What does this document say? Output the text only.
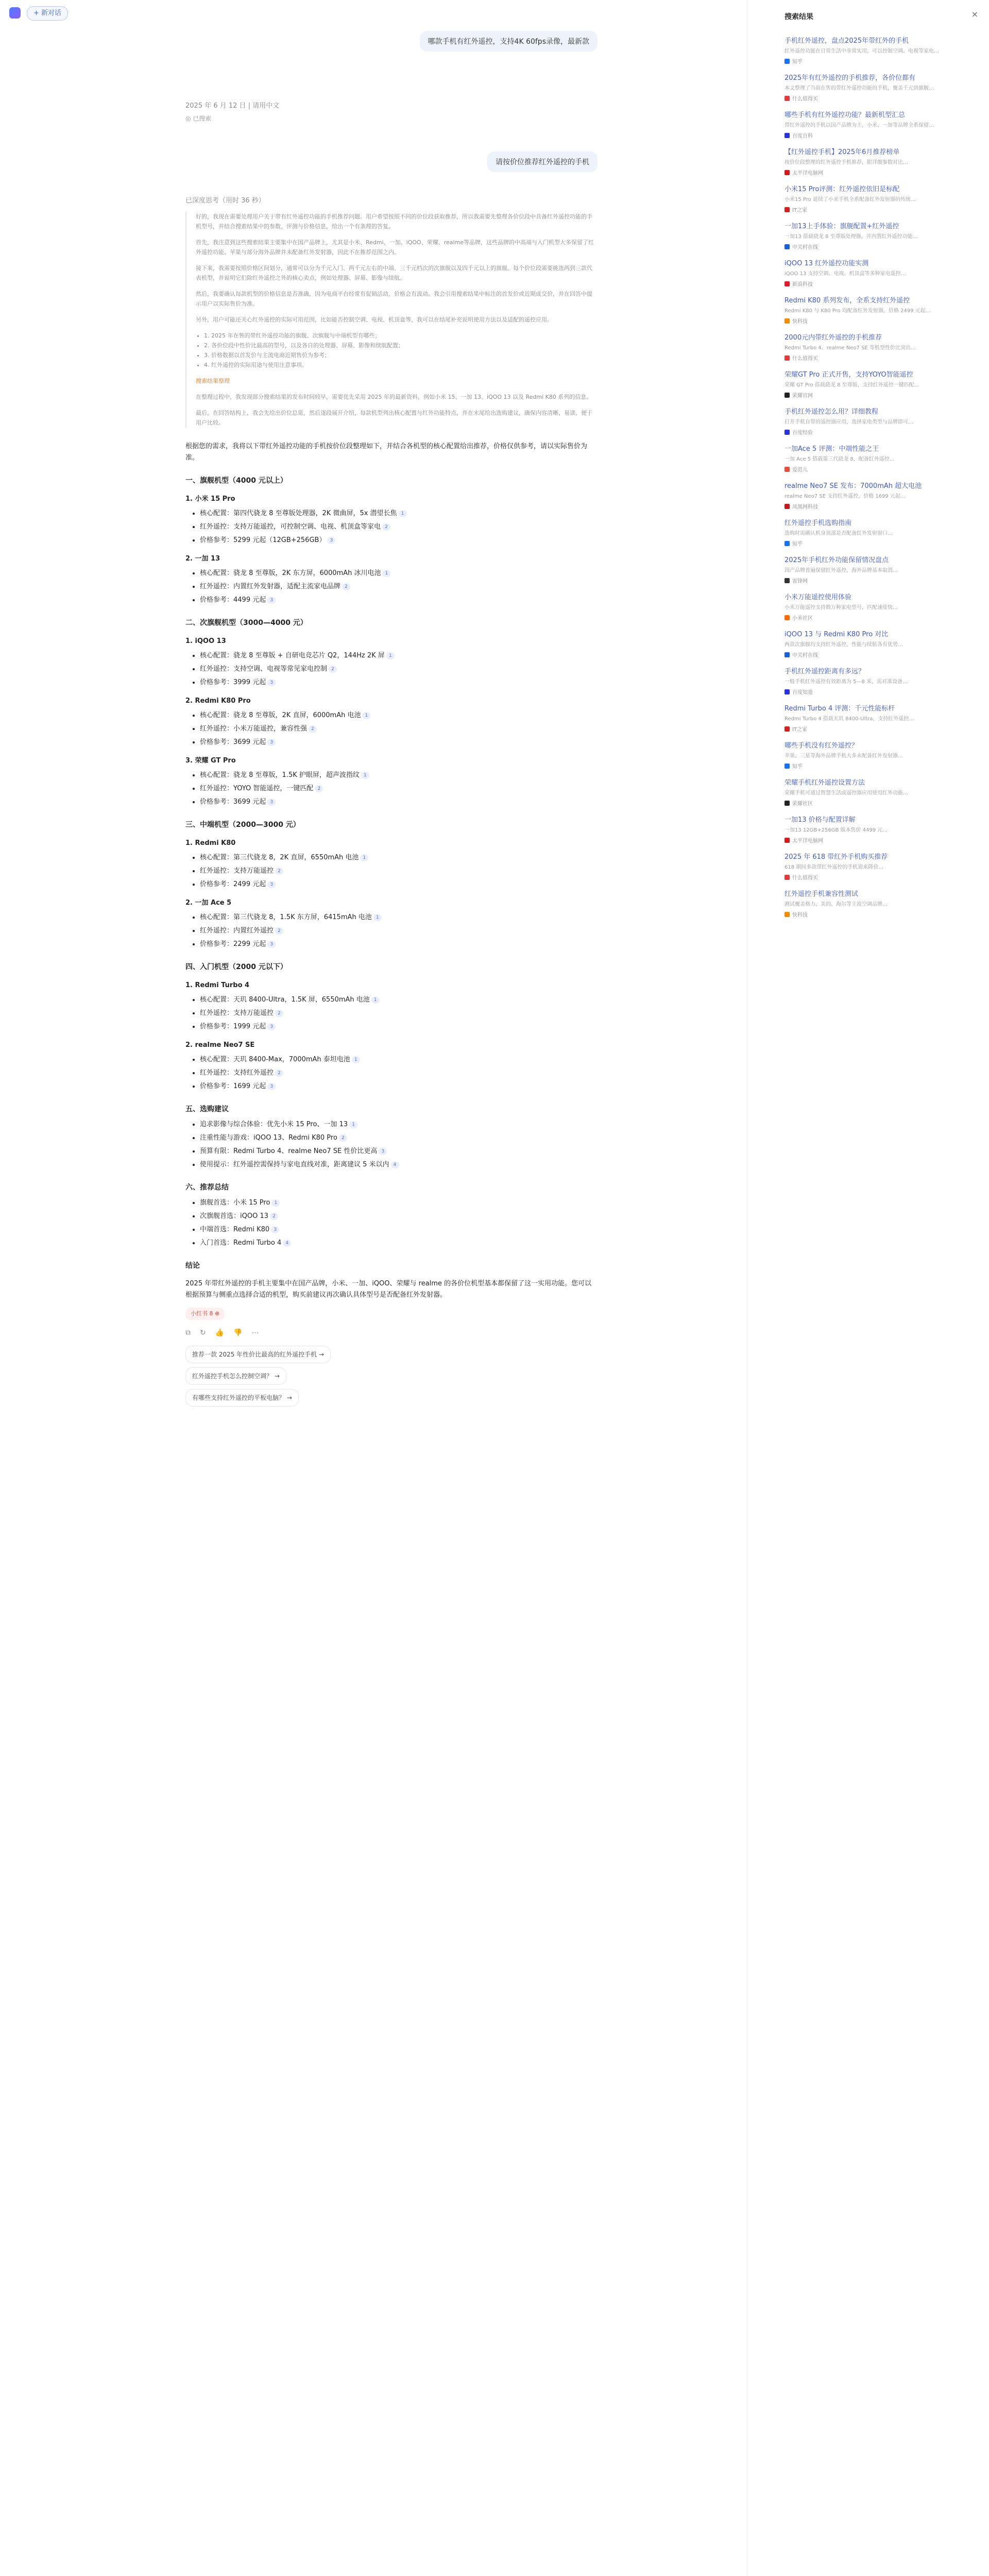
+ 新对话
哪款手机有红外遥控，支持4K 60fps录像，最新款
2025 年 6 月 12 日 | 请用中文
◎ 已搜索
请按价位推荐红外遥控的手机
已深度思考（用时 36 秒）

好的，我现在需要处理用户关于带有红外遥控功能的手机推荐问题。用户希望按照不同的价位段获取推荐，所以我需要先整理各价位段中具备红外遥控功能的手机型号，并结合搜索结果中的参数、评测与价格信息，给出一个有条理的答复。

首先，我注意到这些搜索结果主要集中在国产品牌上，尤其是小米、Redmi、一加、iQOO、荣耀、realme等品牌，这些品牌的中高端与入门机型大多保留了红外遥控功能。苹果与部分海外品牌并未配备红外发射器，因此不在推荐范围之内。

接下来，我需要按照价格区间划分，通常可以分为千元入门、两千元左右的中端、三千元档次的次旗舰以及四千元以上的旗舰。每个价位段需要挑选两到三款代表机型，并说明它们除红外遥控之外的核心卖点，例如处理器、屏幕、影像与续航。

然后，我要确认每款机型的价格信息是否准确，因为电商平台经常有促销活动，价格会有波动。我会引用搜索结果中标注的首发价或近期成交价，并在回答中提示用户以实际售价为准。

另外，用户可能还关心红外遥控的实际可用范围，比如能否控制空调、电视、机顶盒等，我可以在结尾补充说明使用方法以及适配的遥控应用。

• 1. 2025 年在售的带红外遥控功能的旗舰、次旗舰与中端机型有哪些；
• 2. 各价位段中性价比最高的型号，以及各自的处理器、屏幕、影像和续航配置；
• 3. 价格数据以首发价与主流电商近期售价为参考；
• 4. 红外遥控的实际用途与使用注意事项。

搜索结果整理

在整理过程中，我发现部分搜索结果的发布时间较早，需要优先采用 2025 年的最新资料，例如小米 15、一加 13、iQOO 13 以及 Redmi K80 系列的信息。

最后，在回答结构上，我会先给出价位总览，然后逐段展开介绍，每款机型列出核心配置与红外功能特点，并在末尾给出选购建议，确保内容清晰、易读、便于用户比较。

根据您的需求，我将以下带红外遥控功能的手机按价位段整理如下，并结合各机型的核心配置给出推荐，价格仅供参考，请以实际售价为准。

一、旗舰机型（4000 元以上）
1. 小米 15 Pro
• 核心配置：第四代骁龙 8 至尊版处理器，2K 微曲屏，5x 潜望长焦 1
• 红外遥控：支持万能遥控，可控制空调、电视、机顶盒等家电 2
• 价格参考：5299 元起（12GB+256GB） 3
2. 一加 13
• 核心配置：骁龙 8 至尊版，2K 东方屏，6000mAh 冰川电池 1
• 红外遥控：内置红外发射器，适配主流家电品牌 2
• 价格参考：4499 元起 3
二、次旗舰机型（3000—4000 元）
1. iQOO 13
• 核心配置：骁龙 8 至尊版 + 自研电竞芯片 Q2，144Hz 2K 屏 1
• 红外遥控：支持空调、电视等常见家电控制 2
• 价格参考：3999 元起 3
2. Redmi K80 Pro
• 核心配置：骁龙 8 至尊版，2K 直屏，6000mAh 电池 1
• 红外遥控：小米万能遥控，兼容性强 2
• 价格参考：3699 元起 3
3. 荣耀 GT Pro
• 核心配置：骁龙 8 至尊版，1.5K 护眼屏，超声波指纹 1
• 红外遥控：YOYO 智能遥控，一键匹配 2
• 价格参考：3699 元起 3
三、中端机型（2000—3000 元）
1. Redmi K80
• 核心配置：第三代骁龙 8，2K 直屏，6550mAh 电池 1
• 红外遥控：支持万能遥控 2
• 价格参考：2499 元起 3
2. 一加 Ace 5
• 核心配置：第三代骁龙 8，1.5K 东方屏，6415mAh 电池 1
• 红外遥控：内置红外遥控 2
• 价格参考：2299 元起 3
四、入门机型（2000 元以下）
1. Redmi Turbo 4
• 核心配置：天玑 8400-Ultra，1.5K 屏，6550mAh 电池 1
• 红外遥控：支持万能遥控 2
• 价格参考：1999 元起 3
2. realme Neo7 SE
• 核心配置：天玑 8400-Max，7000mAh 泰坦电池 1
• 红外遥控：支持红外遥控 2
• 价格参考：1699 元起 3
五、选购建议
• 追求影像与综合体验：优先小米 15 Pro、一加 13 1
• 注重性能与游戏：iQOO 13、Redmi K80 Pro 2
• 预算有限：Redmi Turbo 4、realme Neo7 SE 性价比更高 3
• 使用提示：红外遥控需保持与家电直线对准，距离建议 5 米以内 4
六、推荐总结
• 旗舰首选：小米 15 Pro 1
• 次旗舰首选：iQOO 13 2
• 中端首选：Redmi K80 3
• 入门首选：Redmi Turbo 4 4
结论

2025 年带红外遥控的手机主要集中在国产品牌，小米、一加、iQOO、荣耀与 realme 的各价位机型基本都保留了这一实用功能。您可以根据预算与侧重点选择合适的机型，购买前建议再次确认具体型号是否配备红外发射器。

小红书 8 ⊕
⧉ ↻ 👍 👎 ⋯
推荐一款 2025 年性价比最高的红外遥控手机 →
红外遥控手机怎么控制空调？ →
有哪些支持红外遥控的平板电脑？ →
搜索结果	×
手机红外遥控，盘点2025年带红外的手机
红外遥控功能在日常生活中非常实用，可以控制空调、电视等家电…
知乎
2025年有红外遥控的手机推荐，各价位都有
本文整理了当前在售的带红外遥控功能的手机，覆盖千元到旗舰…
什么值得买
哪些手机有红外遥控功能？最新机型汇总
带红外遥控的手机以国产品牌为主，小米、一加等品牌全系保留…
百度百科
【红外遥控手机】2025年6月推荐榜单
按价位段整理的红外遥控手机推荐，附详细参数对比…
太平洋电脑网
小米15 Pro评测：红外遥控依旧是标配
小米15 Pro 延续了小米手机全系配备红外发射器的传统…
IT之家
一加13上手体验：旗舰配置+红外遥控
一加13 搭载骁龙 8 至尊版处理器，并内置红外遥控功能…
中关村在线
iQOO 13 红外遥控功能实测
iQOO 13 支持空调、电视、机顶盒等多种家电遥控…
新浪科技
Redmi K80 系列发布，全系支持红外遥控
Redmi K80 与 K80 Pro 均配备红外发射器，价格 2499 元起…
快科技
2000元内带红外遥控的手机推荐
Redmi Turbo 4、realme Neo7 SE 等机型性价比突出…
什么值得买
荣耀GT Pro 正式开售，支持YOYO智能遥控
荣耀 GT Pro 搭载骁龙 8 至尊版，支持红外遥控一键匹配…
荣耀官网
手机红外遥控怎么用？详细教程
打开手机自带的遥控器应用，选择家电类型与品牌即可…
百度经验
一加Ace 5 评测：中端性能之王
一加 Ace 5 搭载第三代骁龙 8，配备红外遥控…
爱范儿
realme Neo7 SE 发布：7000mAh 超大电池
realme Neo7 SE 支持红外遥控，价格 1699 元起…
凤凰网科技
红外遥控手机选购指南
选购时需确认机身顶部是否配备红外发射窗口…
知乎
2025年手机红外功能保留情况盘点
国产品牌普遍保留红外遥控，海外品牌基本取消…
雷锋网
小米万能遥控使用体验
小米万能遥控支持数万种家电型号，匹配速度快…
小米社区
iQOO 13 与 Redmi K80 Pro 对比
两款次旗舰均支持红外遥控，性能与续航各有优势…
中关村在线
手机红外遥控距离有多远？
一般手机红外遥控有效距离为 5—8 米，需对准设备…
百度知道
Redmi Turbo 4 评测：千元性能标杆
Redmi Turbo 4 搭载天玑 8400-Ultra，支持红外遥控…
IT之家
哪些手机没有红外遥控？
苹果、三星等海外品牌手机大多未配备红外发射器…
知乎
荣耀手机红外遥控设置方法
荣耀手机可通过智慧生活或遥控器应用使用红外功能…
荣耀社区
一加13 价格与配置详解
一加13 12GB+256GB 版本售价 4499 元…
太平洋电脑网
2025 年 618 带红外手机购买推荐
618 期间多款带红外遥控的手机迎来降价…
什么值得买
红外遥控手机兼容性测试
测试覆盖格力、美的、海尔等主流空调品牌…
快科技
